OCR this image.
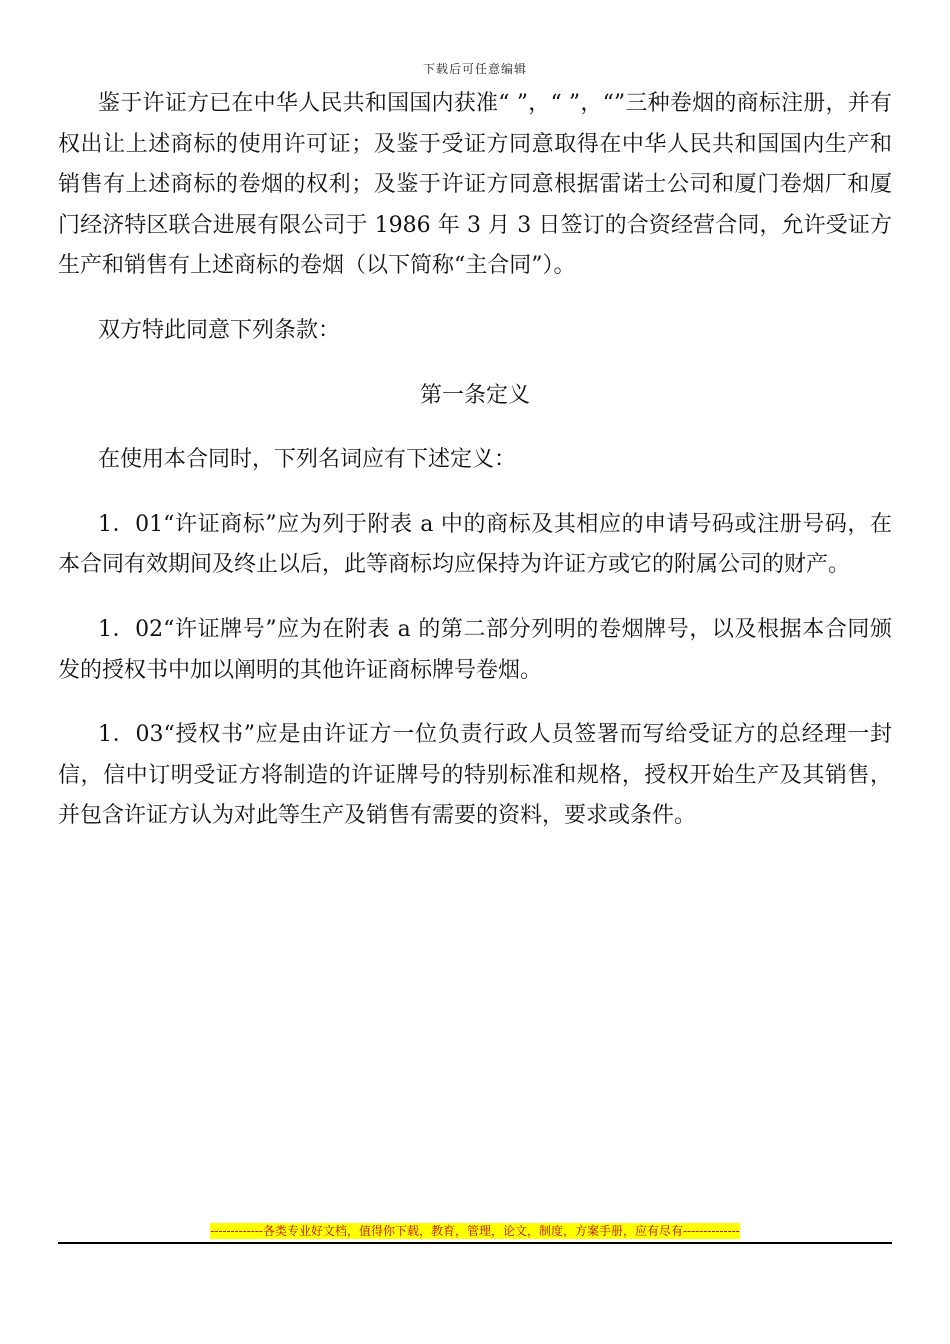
下载后可任意编辑

鉴于许证方已在中华人民共和国国内获准“ ”，“ ”，“”三种卷烟的商标注册，并有权出让上述商标的使用许可证；及鉴于受证方同意取得在中华人民共和国国内生产和销售有上述商标的卷烟的权利；及鉴于许证方同意根据雷诺士公司和厦门卷烟厂和厦门经济特区联合进展有限公司于 1986 年 3 月 3 日签订的合资经营合同，允许受证方生产和销售有上述商标的卷烟（以下简称“主合同”）。

双方特此同意下列条款：

第一条定义

在使用本合同时，下列名词应有下述定义：

1．01“许证商标”应为列于附表 a 中的商标及其相应的申请号码或注册号码，在本合同有效期间及终止以后，此等商标均应保持为许证方或它的附属公司的财产。

1．02“许证牌号”应为在附表 a 的第二部分列明的卷烟牌号，以及根据本合同颁发的授权书中加以阐明的其他许证商标牌号卷烟。

1．03“授权书”应是由许证方一位负责行政人员签署而写给受证方的总经理一封信，信中订明受证方将制造的许证牌号的特别标准和规格，授权开始生产及其销售，并包含许证方认为对此等生产及销售有需要的资料，要求或条件。

-------------各类专业好文档，值得你下载，教育，管理，论文，制度，方案手册，应有尽有--------------
